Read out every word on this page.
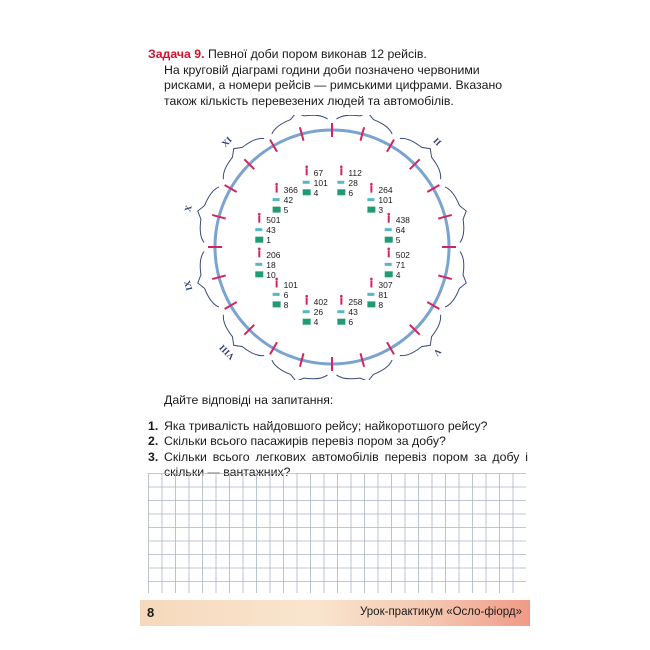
Задача 9. Певної доби пором виконав 12 рейсів.
На круговій діаграмі години доби позначено червоними рисками, а номери рейсів — римськими цифрами. Вказано також кількість перевезених людей та автомобілів.
II
V
VIII
IX
X
XI
112
28
6	264
101
3
438
64
5
502
71
4
307
81
8
258
43
6
402
26
4
101
6
8
206
18
10
501
43
1
366
42
5
67
101
4
Дайте відповіді на запитання:
1. Яка тривалість найдовшого рейсу; найкоротшого рейсу?
2. Скільки всього пасажирів перевіз пором за добу?
3. Скільки всього легкових автомобілів перевіз пором за добу і скільки — вантажних?
8	Урок-практикум «Осло-фіорд»
